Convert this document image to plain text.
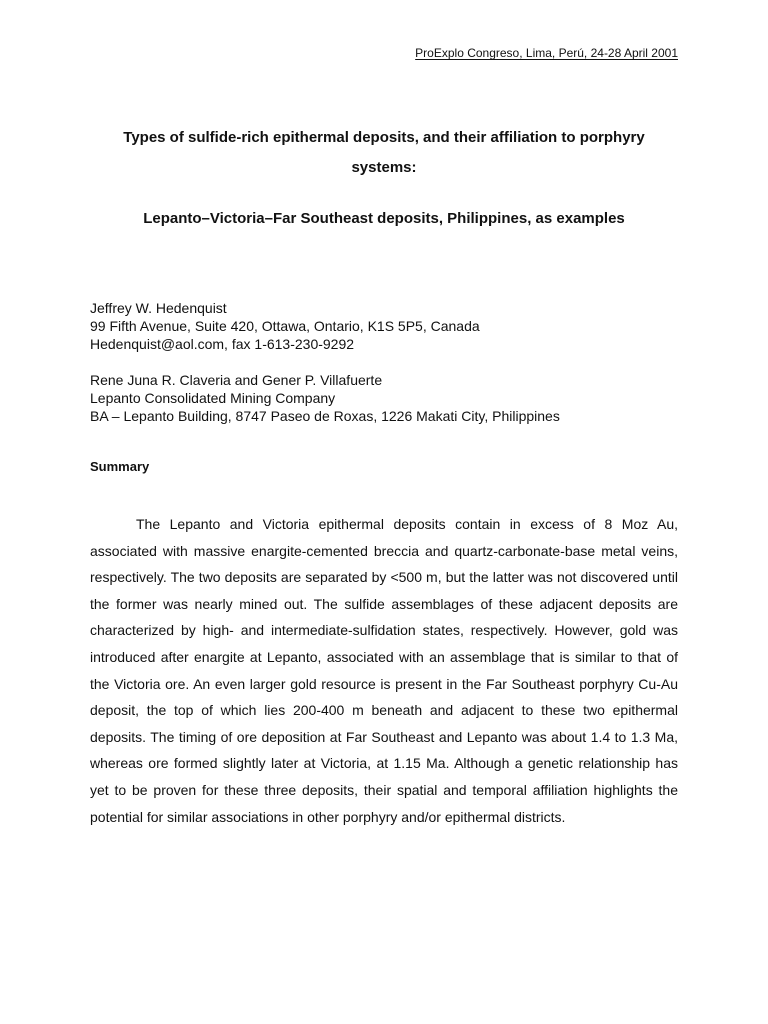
ProExplo Congreso, Lima, Perú, 24-28 April 2001
Types of sulfide-rich epithermal deposits, and their affiliation to porphyry systems:
Lepanto–Victoria–Far Southeast deposits, Philippines, as examples
Jeffrey W. Hedenquist
99 Fifth Avenue, Suite 420, Ottawa, Ontario, K1S 5P5, Canada
Hedenquist@aol.com, fax 1-613-230-9292
Rene Juna R. Claveria and Gener P. Villafuerte
Lepanto Consolidated Mining Company
BA – Lepanto Building, 8747 Paseo de Roxas, 1226 Makati City, Philippines
Summary

The Lepanto and Victoria epithermal deposits contain in excess of 8 Moz Au, associated with massive enargite-cemented breccia and quartz-carbonate-base metal veins, respectively. The two deposits are separated by <500 m, but the latter was not discovered until the former was nearly mined out. The sulfide assemblages of these adjacent deposits are characterized by high- and intermediate-sulfidation states, respectively. However, gold was introduced after enargite at Lepanto, associated with an assemblage that is similar to that of the Victoria ore. An even larger gold resource is present in the Far Southeast porphyry Cu-Au deposit, the top of which lies 200-400 m beneath and adjacent to these two epithermal deposits. The timing of ore deposition at Far Southeast and Lepanto was about 1.4 to 1.3 Ma, whereas ore formed slightly later at Victoria, at 1.15 Ma. Although a genetic relationship has yet to be proven for these three deposits, their spatial and temporal affiliation highlights the potential for similar associations in other porphyry and/or epithermal districts.
